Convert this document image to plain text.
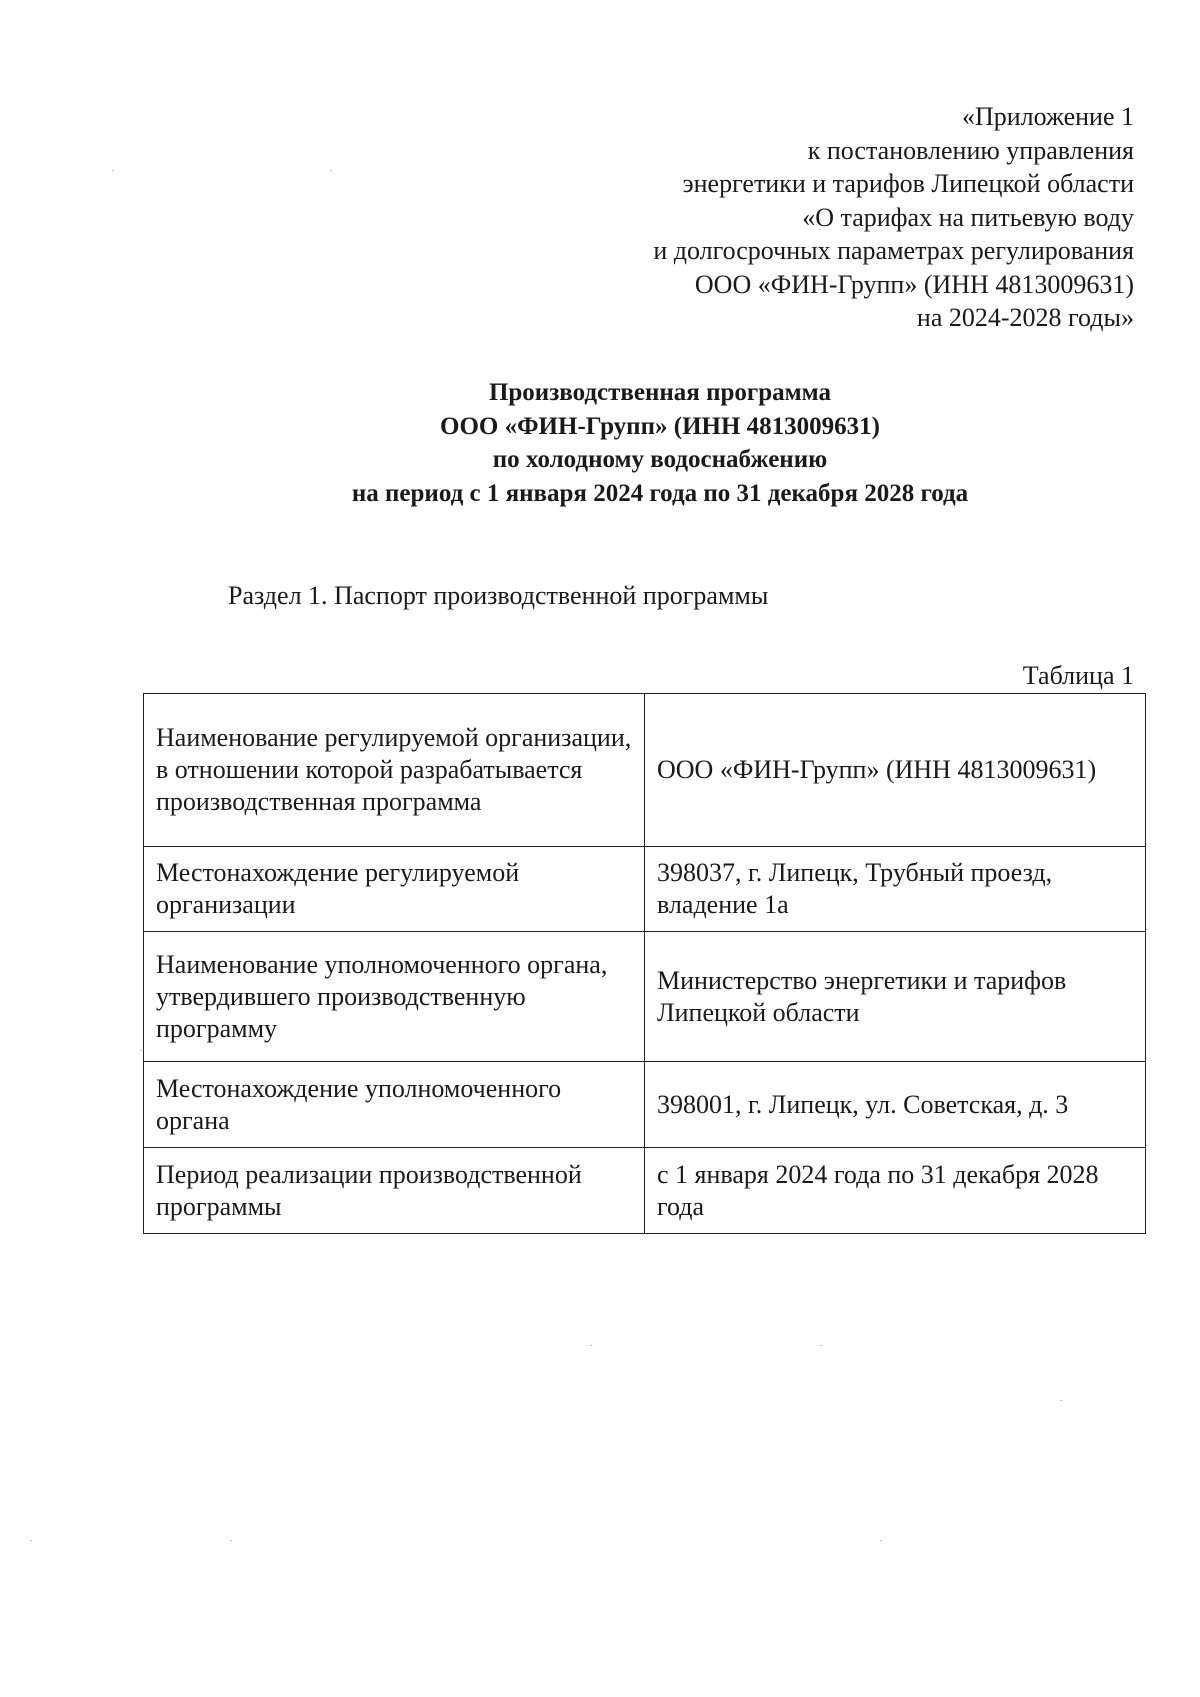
«Приложение 1
к постановлению управления
энергетики и тарифов Липецкой области
«О тарифах на питьевую воду
и долгосрочных параметрах регулирования
ООО «ФИН-Групп» (ИНН 4813009631)
на 2024-2028 годы»
Производственная программа
ООО «ФИН-Групп» (ИНН 4813009631)
по холодному водоснабжению
на период с 1 января 2024 года по 31 декабря 2028 года
Раздел 1. Паспорт производственной программы
Таблица 1
Наименование регулируемой организации, в отношении которой разрабатывается производственная программа	ООО «ФИН-Групп» (ИНН 4813009631)
Местонахождение регулируемой организации	398037, г. Липецк, Трубный проезд, владение 1а
Наименование уполномоченного органа, утвердившего производственную программу	Министерство энергетики и тарифов Липецкой области
Местонахождение уполномоченного органа	398001, г. Липецк, ул. Советская, д. 3
Период реализации производственной программы	с 1 января 2024 года по 31 декабря 2028 года
